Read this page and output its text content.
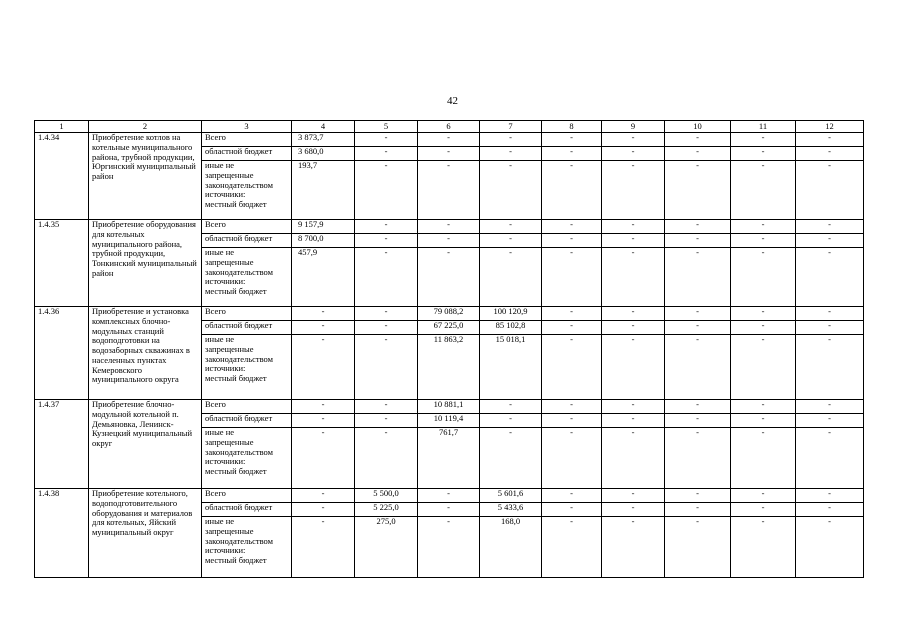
42
1	2	3	4	5	6	7	8	9	10	11	12
1.4.34	Приобретение котлов на котельные муниципального района, трубной продукции, Юргинский муниципальный район	Всего	3 873,7	-	-	-	-	-	-	-	-
		областной бюджет	3 680,0	-	-	-	-	-	-	-	-

		иные не
запрещенные
законодательством
источники:
местный бюджет	193,7	-	-	-	-	-	-	-	-
1.4.35	Приобретение оборудования для котельных муниципального района, трубной продукции, Тонкинский муниципальный район	Всего	9 157,9	-	-	-	-	-	-	-	-
		областной бюджет	8 700,0	-	-	-	-	-	-	-	-

		иные не
запрещенные
законодательством
источники:
местный бюджет	457,9	-	-	-	-	-	-	-	-
1.4.36	Приобретение и установка комплексных блочно-модульных станций водоподготовки на водозаборных скважинах в населенных пунктах Кемеровского муниципального округа	Всего	-	-	79 088,2	100 120,9	-	-	-	-	-
		областной бюджет	-	-	67 225,0	85 102,8	-	-	-	-	-

		иные не
запрещенные
законодательством
источники:
местный бюджет	-	-	11 863,2	15 018,1	-	-	-	-	-
1.4.37	Приобретение блочно-модульной котельной п. Демьяновка, Ленинск-Кузнецкий муниципальный округ	Всего	-	-	10 881,1	-	-	-	-	-	-
		областной бюджет	-	-	10 119,4	-	-	-	-	-	-

		иные не
запрещенные
законодательством
источники:
местный бюджет	-	-	761,7	-	-	-	-	-	-
1.4.38	Приобретение котельного, водоподготовительного оборудования и материалов для котельных, Яйский муниципальный округ	Всего	-	5 500,0	-	5 601,6	-	-	-	-	-
		областной бюджет	-	5 225,0	-	5 433,6	-	-	-	-	-

		иные не
запрещенные
законодательством
источники:
местный бюджет	-	275,0	-	168,0	-	-	-	-	-
